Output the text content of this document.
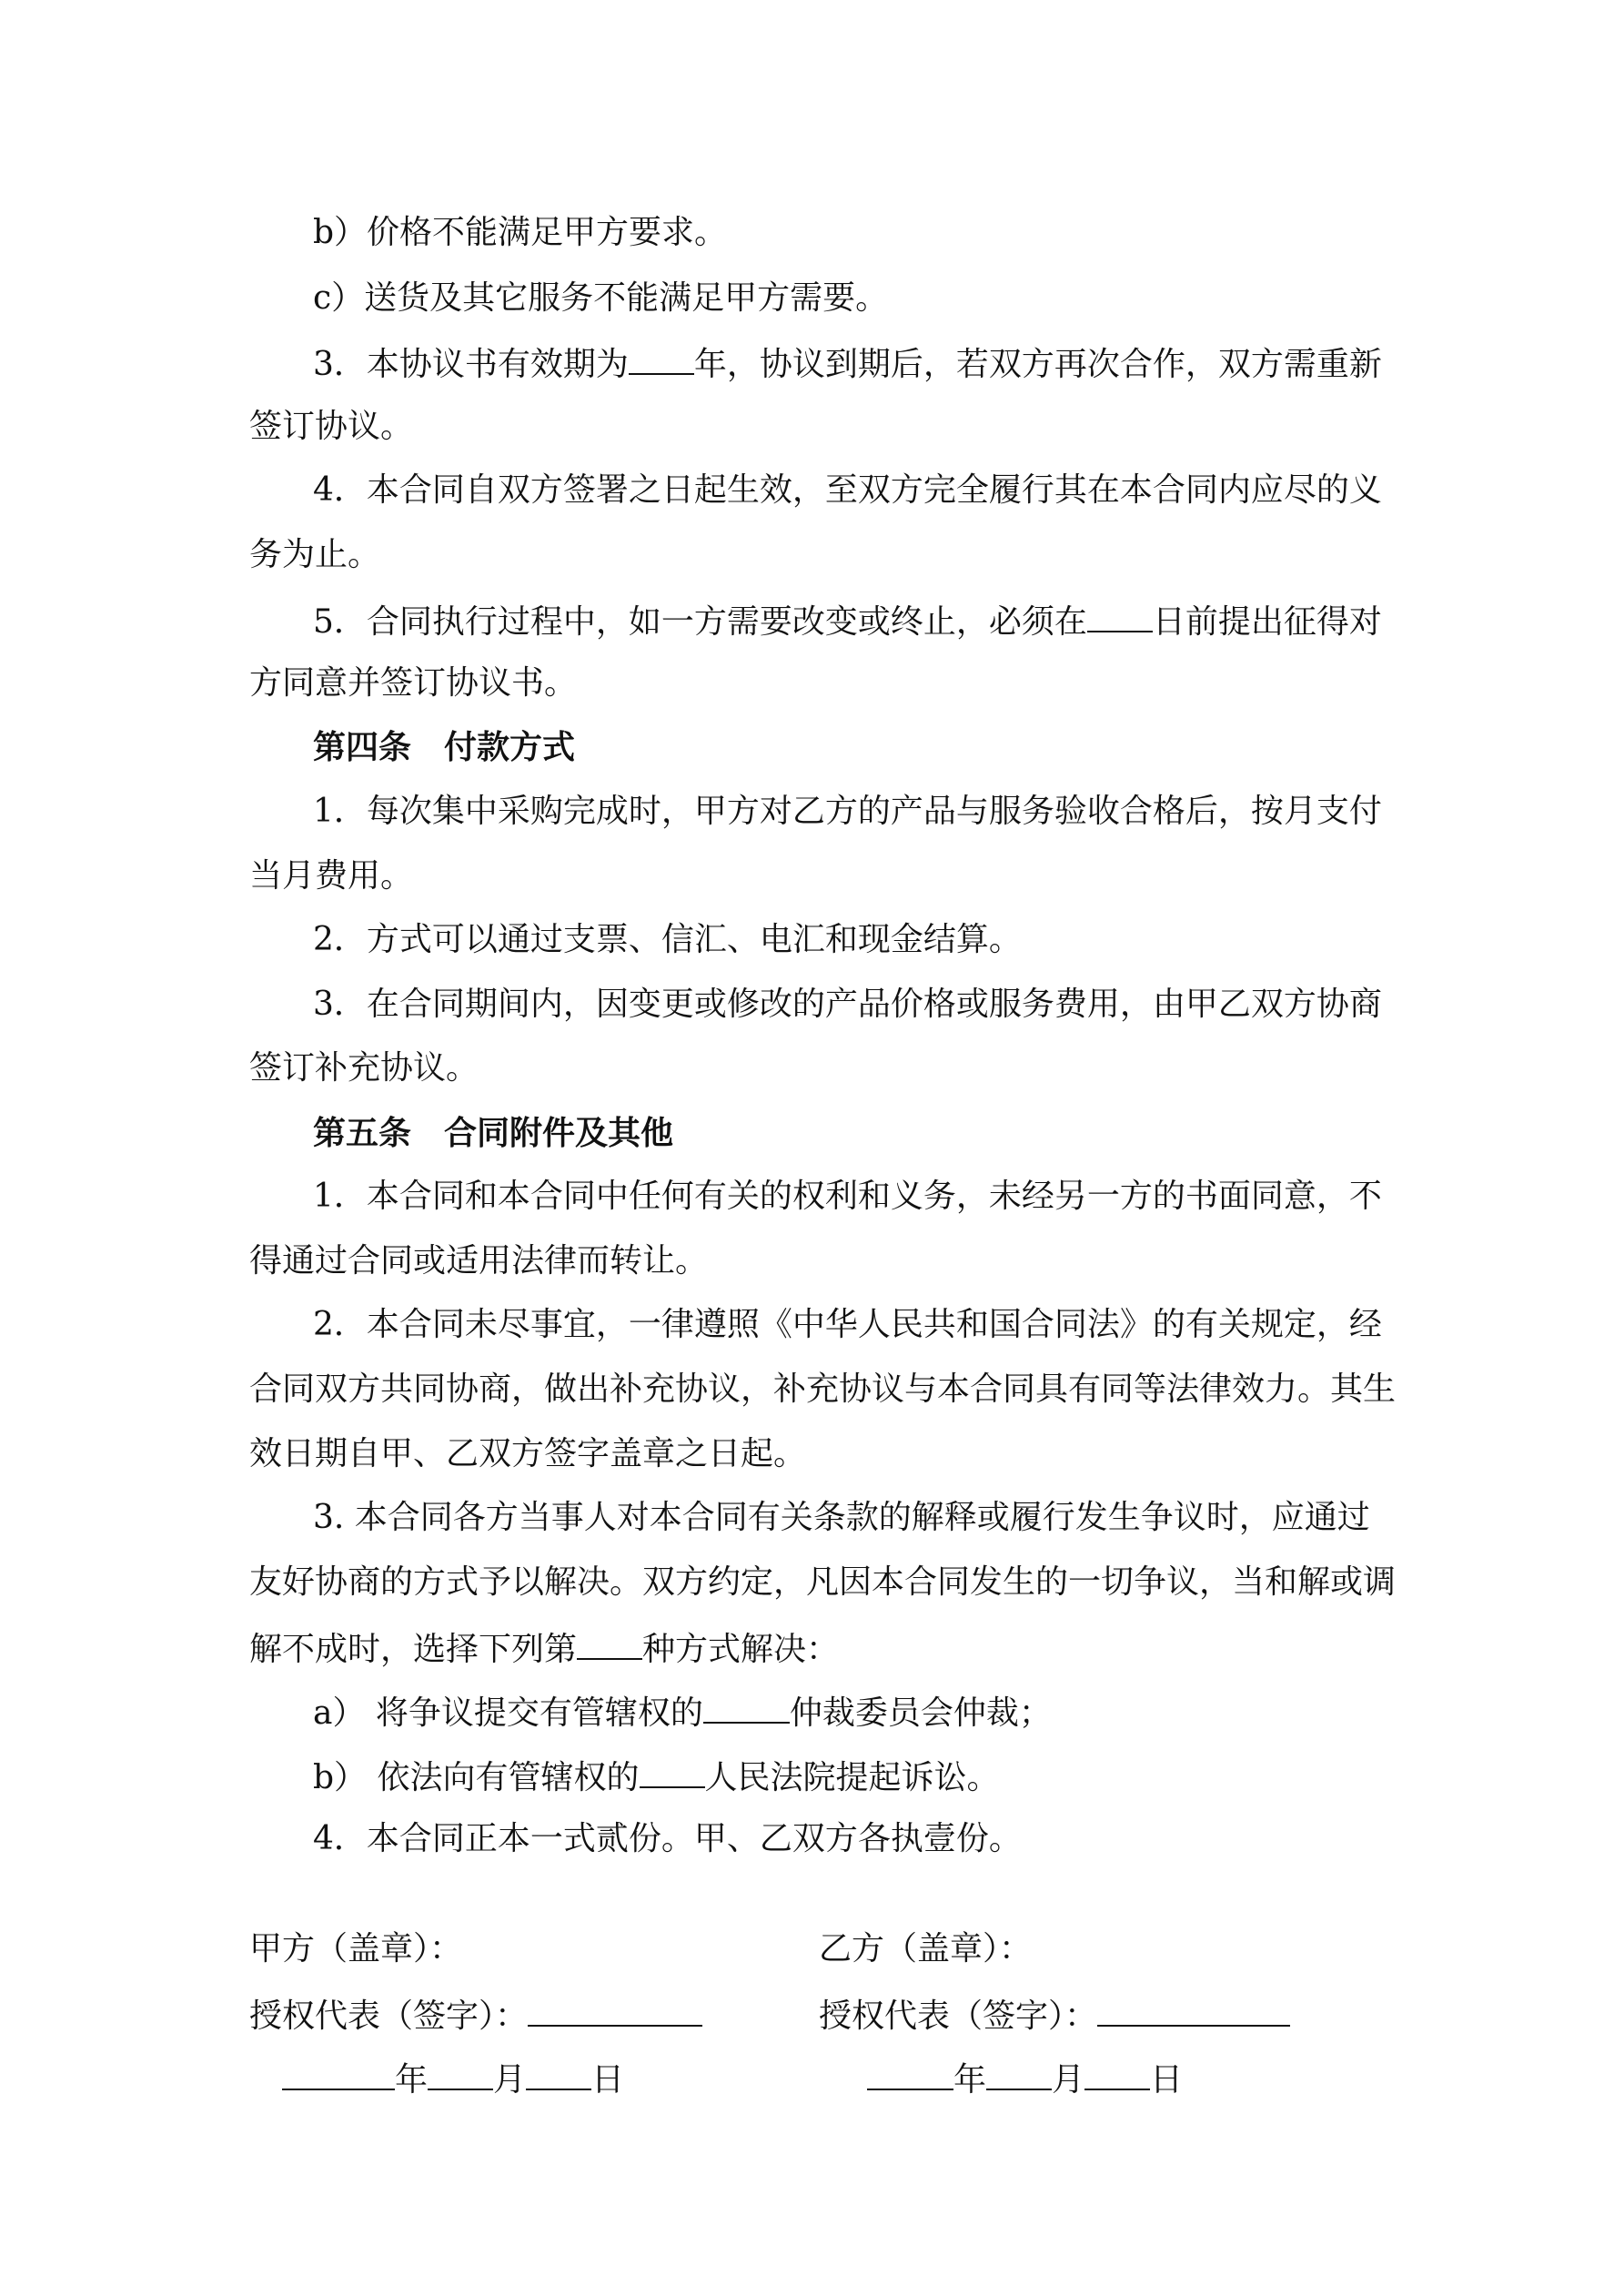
b）价格不能满足甲方要求。
c）送货及其它服务不能满足甲方需要。
3．本协议书有效期为 年，协议到期后，若双方再次合作，双方需重新
签订协议。
4．本合同自双方签署之日起生效，至双方完全履行其在本合同内应尽的义
务为止。
5．合同执行过程中，如一方需要改变或终止，必须在 日前提出征得对
方同意并签订协议书。
第四条　付款方式
1．每次集中采购完成时，甲方对乙方的产品与服务验收合格后，按月支付
当月费用。
2．方式可以通过支票、信汇、电汇和现金结算。
3．在合同期间内，因变更或修改的产品价格或服务费用，由甲乙双方协商
签订补充协议。
第五条　合同附件及其他
1．本合同和本合同中任何有关的权利和义务，未经另一方的书面同意，不
得通过合同或适用法律而转让。
2．本合同未尽事宜，一律遵照《中华人民共和国合同法》的有关规定，经
合同双方共同协商，做出补充协议，补充协议与本合同具有同等法律效力。其生
效日期自甲、乙双方签字盖章之日起。
3. 本合同各方当事人对本合同有关条款的解释或履行发生争议时，应通过
友好协商的方式予以解决。双方约定，凡因本合同发生的一切争议，当和解或调
解不成时，选择下列第 种方式解决：
a） 将争议提交有管辖权的	仲裁委员会仲裁；
b） 依法向有管辖权的 人民法院提起诉讼。
4．本合同正本一式贰份。甲、乙双方各执壹份。
甲方（盖章）：	乙方（盖章）：
授权代表（签字）：	授权代表（签字）：
年 月 日	年 月 日
